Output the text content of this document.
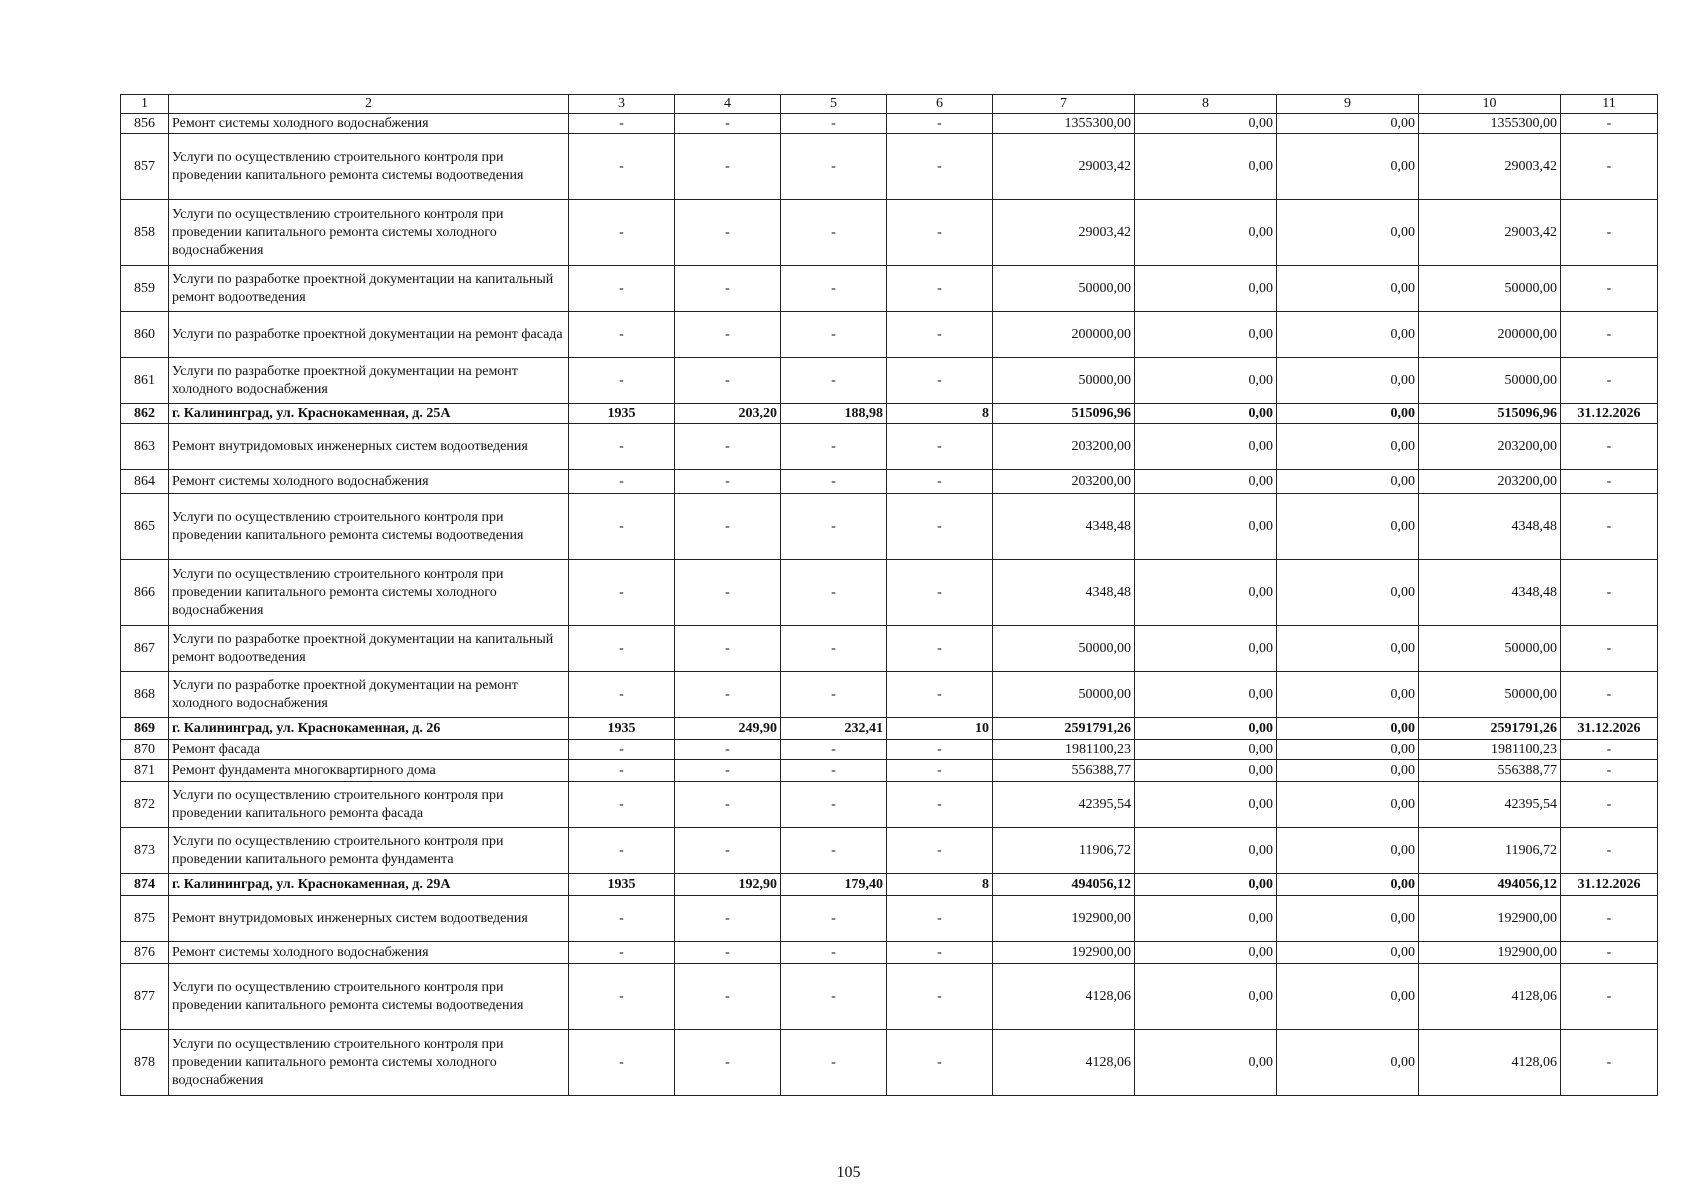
1	2	3	4	5	6	7	8	9	10	11
856	Ремонт системы холодного водоснабжения	-	-	-	-	1355300,00	0,00	0,00	1355300,00	-
857	Услуги по осуществлению строительного контроля при проведении капитального ремонта системы водоотведения	-	-	-	-	29003,42	0,00	0,00	29003,42	-
858	Услуги по осуществлению строительного контроля при проведении капитального ремонта системы холодного водоснабжения	-	-	-	-	29003,42	0,00	0,00	29003,42	-
859	Услуги по разработке проектной документации на капитальный ремонт водоотведения	-	-	-	-	50000,00	0,00	0,00	50000,00	-
860	Услуги по разработке проектной документации на ремонт фасада	-	-	-	-	200000,00	0,00	0,00	200000,00	-
861	Услуги по разработке проектной документации на ремонт холодного водоснабжения	-	-	-	-	50000,00	0,00	0,00	50000,00	-
862	г. Калининград, ул. Краснокаменная, д. 25А	1935	203,20	188,98	8	515096,96	0,00	0,00	515096,96	31.12.2026
863	Ремонт внутридомовых инженерных систем водоотведения	-	-	-	-	203200,00	0,00	0,00	203200,00	-
864	Ремонт системы холодного водоснабжения	-	-	-	-	203200,00	0,00	0,00	203200,00	-
865	Услуги по осуществлению строительного контроля при проведении капитального ремонта системы водоотведения	-	-	-	-	4348,48	0,00	0,00	4348,48	-
866	Услуги по осуществлению строительного контроля при проведении капитального ремонта системы холодного водоснабжения	-	-	-	-	4348,48	0,00	0,00	4348,48	-
867	Услуги по разработке проектной документации на капитальный ремонт водоотведения	-	-	-	-	50000,00	0,00	0,00	50000,00	-
868	Услуги по разработке проектной документации на ремонт холодного водоснабжения	-	-	-	-	50000,00	0,00	0,00	50000,00	-
869	г. Калининград, ул. Краснокаменная, д. 26	1935	249,90	232,41	10	2591791,26	0,00	0,00	2591791,26	31.12.2026
870	Ремонт фасада	-	-	-	-	1981100,23	0,00	0,00	1981100,23	-
871	Ремонт фундамента многоквартирного дома	-	-	-	-	556388,77	0,00	0,00	556388,77	-
872	Услуги по осуществлению строительного контроля при проведении капитального ремонта фасада	-	-	-	-	42395,54	0,00	0,00	42395,54	-
873	Услуги по осуществлению строительного контроля при проведении капитального ремонта фундамента	-	-	-	-	11906,72	0,00	0,00	11906,72	-
874	г. Калининград, ул. Краснокаменная, д. 29А	1935	192,90	179,40	8	494056,12	0,00	0,00	494056,12	31.12.2026
875	Ремонт внутридомовых инженерных систем водоотведения	-	-	-	-	192900,00	0,00	0,00	192900,00	-
876	Ремонт системы холодного водоснабжения	-	-	-	-	192900,00	0,00	0,00	192900,00	-
877	Услуги по осуществлению строительного контроля при проведении капитального ремонта системы водоотведения	-	-	-	-	4128,06	0,00	0,00	4128,06	-
878	Услуги по осуществлению строительного контроля при проведении капитального ремонта системы холодного водоснабжения	-	-	-	-	4128,06	0,00	0,00	4128,06	-
105
